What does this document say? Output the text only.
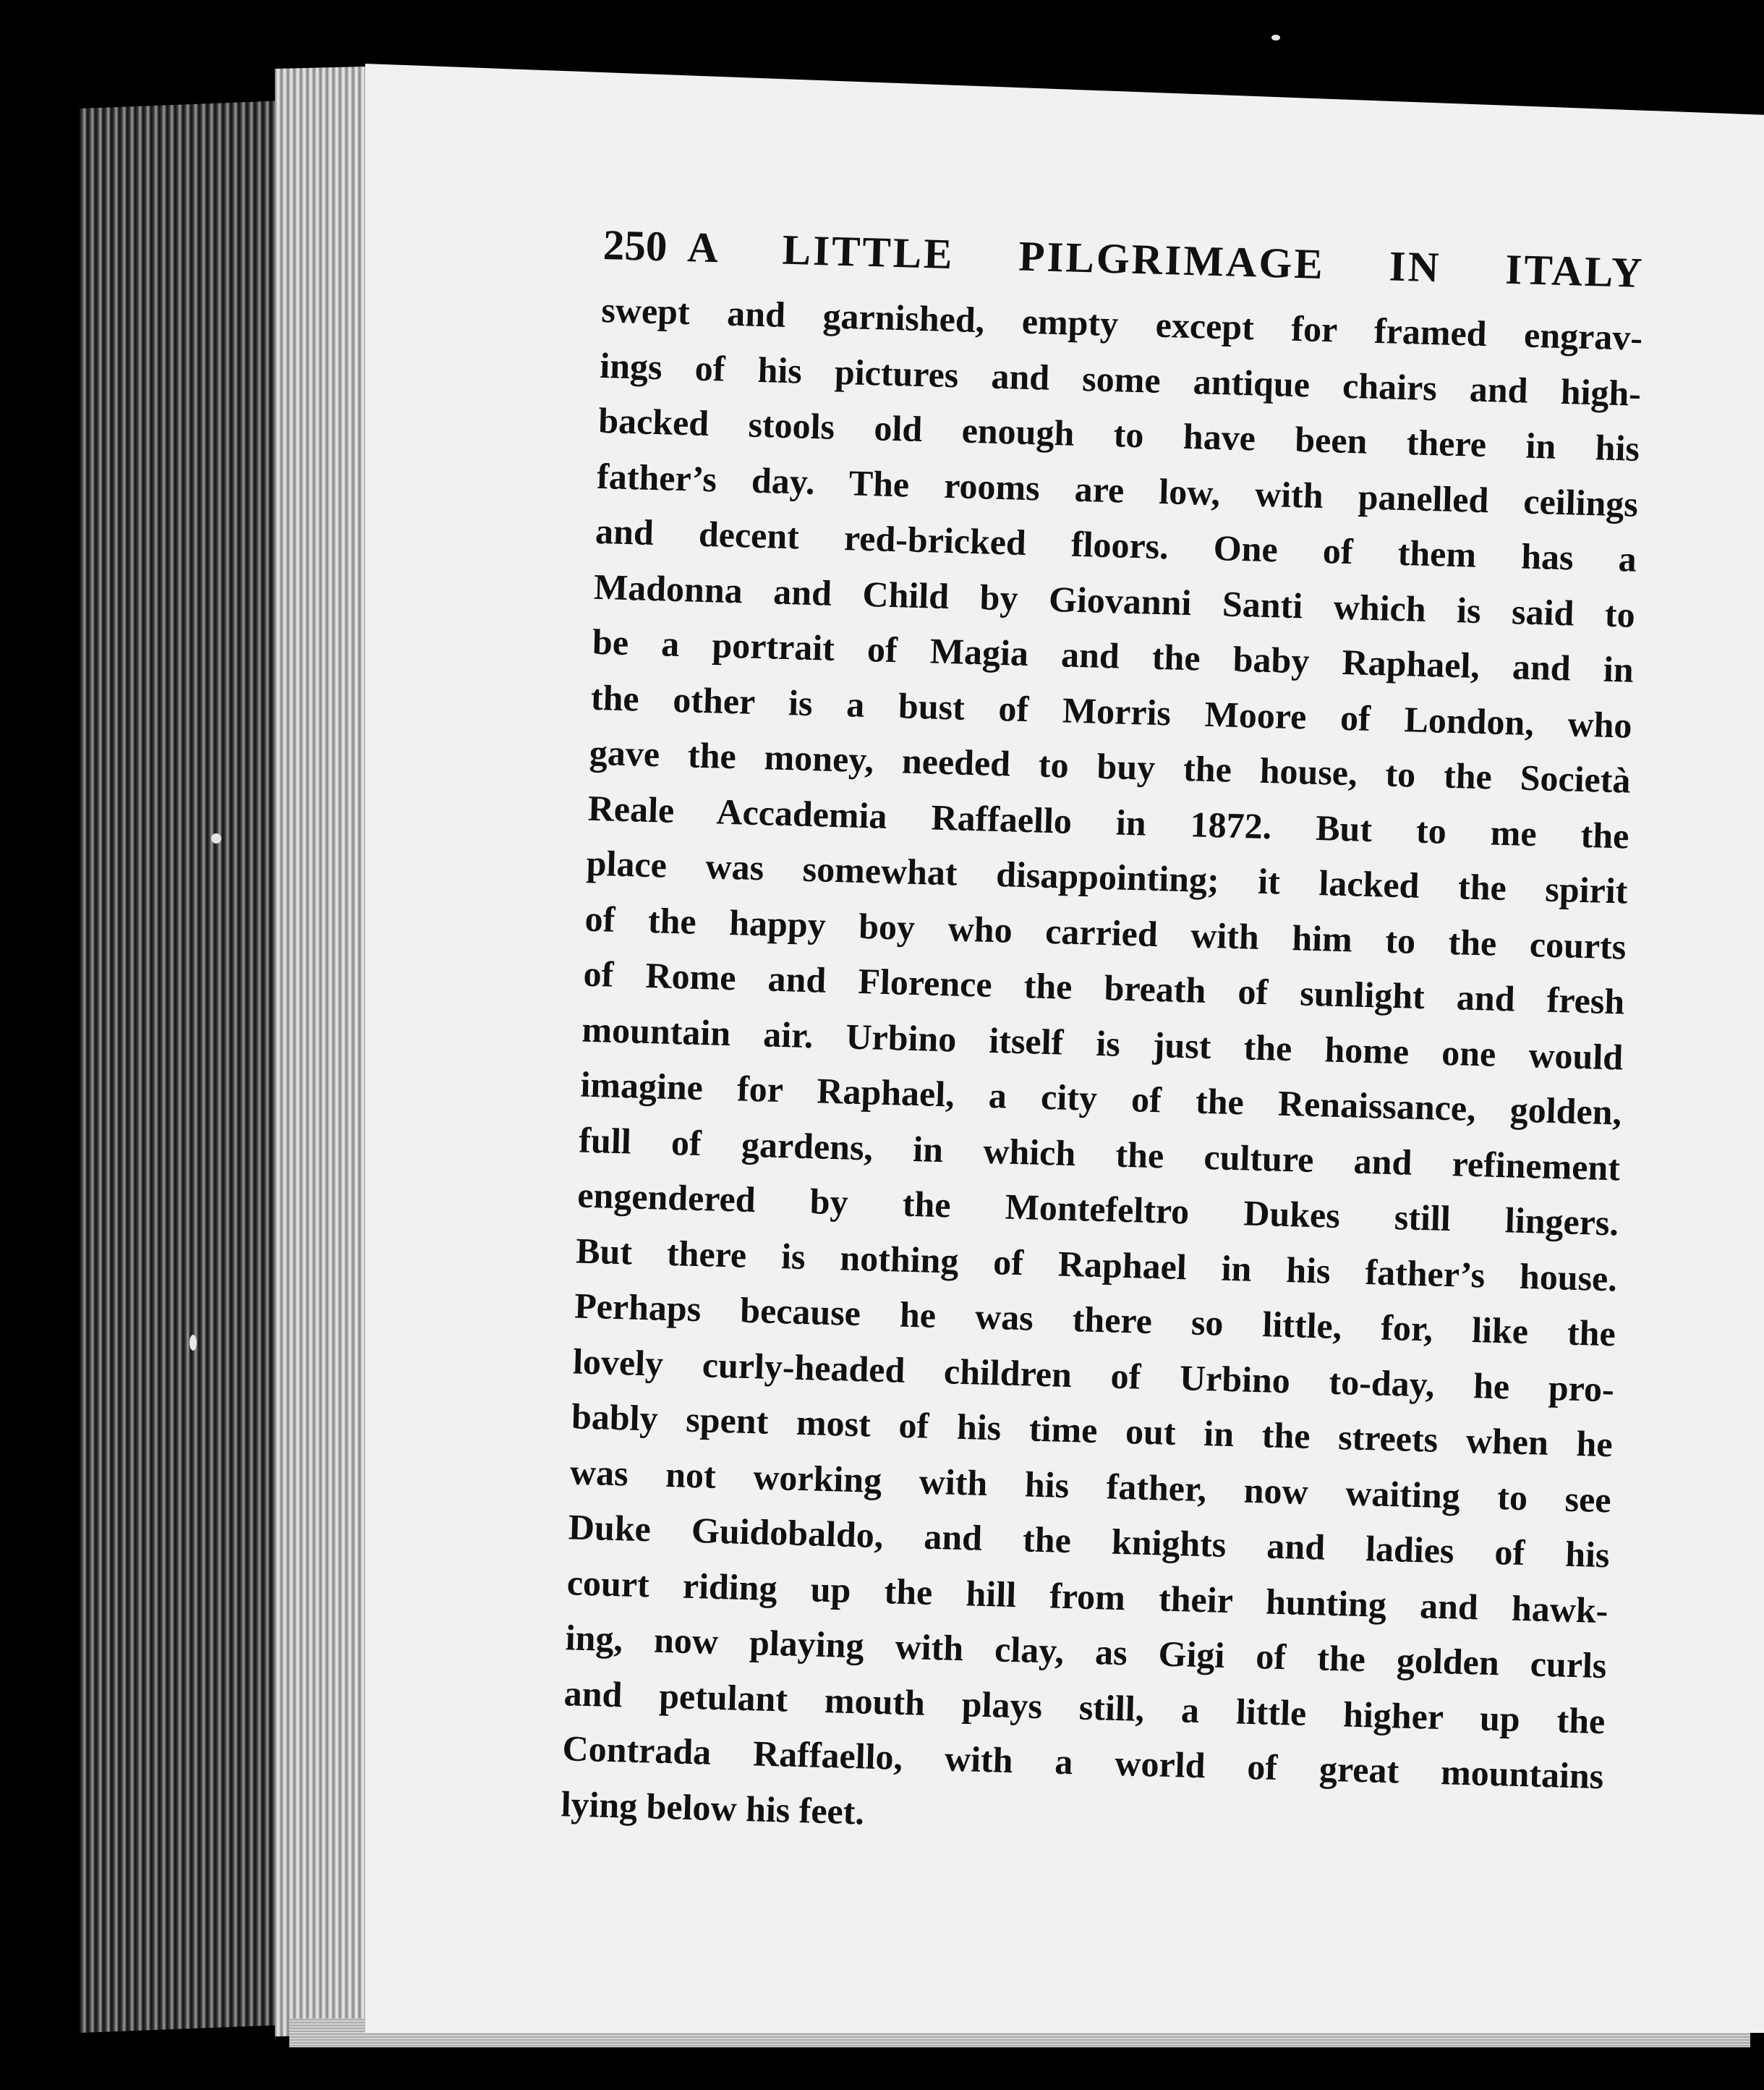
250 A LITTLE PILGRIMAGE IN ITALY
swept and garnished, empty except for framed engrav-
ings of his pictures and some antique chairs and high-
backed stools old enough to have been there in his
father’s day. The rooms are low, with panelled ceilings
and decent red-bricked floors. One of them has a
Madonna and Child by Giovanni Santi which is said to
be a portrait of Magia and the baby Raphael, and in
the other is a bust of Morris Moore of London, who
gave the money, needed to buy the house, to the Società
Reale Accademia Raffaello in 1872. But to me the
place was somewhat disappointing; it lacked the spirit
of the happy boy who carried with him to the courts
of Rome and Florence the breath of sunlight and fresh
mountain air. Urbino itself is just the home one would
imagine for Raphael, a city of the Renaissance, golden,
full of gardens, in which the culture and refinement
engendered by the Montefeltro Dukes still lingers.
But there is nothing of Raphael in his father’s house.
Perhaps because he was there so little, for, like the
lovely curly-headed children of Urbino to-day, he pro-
bably spent most of his time out in the streets when he
was not working with his father, now waiting to see
Duke Guidobaldo, and the knights and ladies of his
court riding up the hill from their hunting and hawk-
ing, now playing with clay, as Gigi of the golden curls
and petulant mouth plays still, a little higher up the
Contrada Raffaello, with a world of great mountains
lying below his feet.
